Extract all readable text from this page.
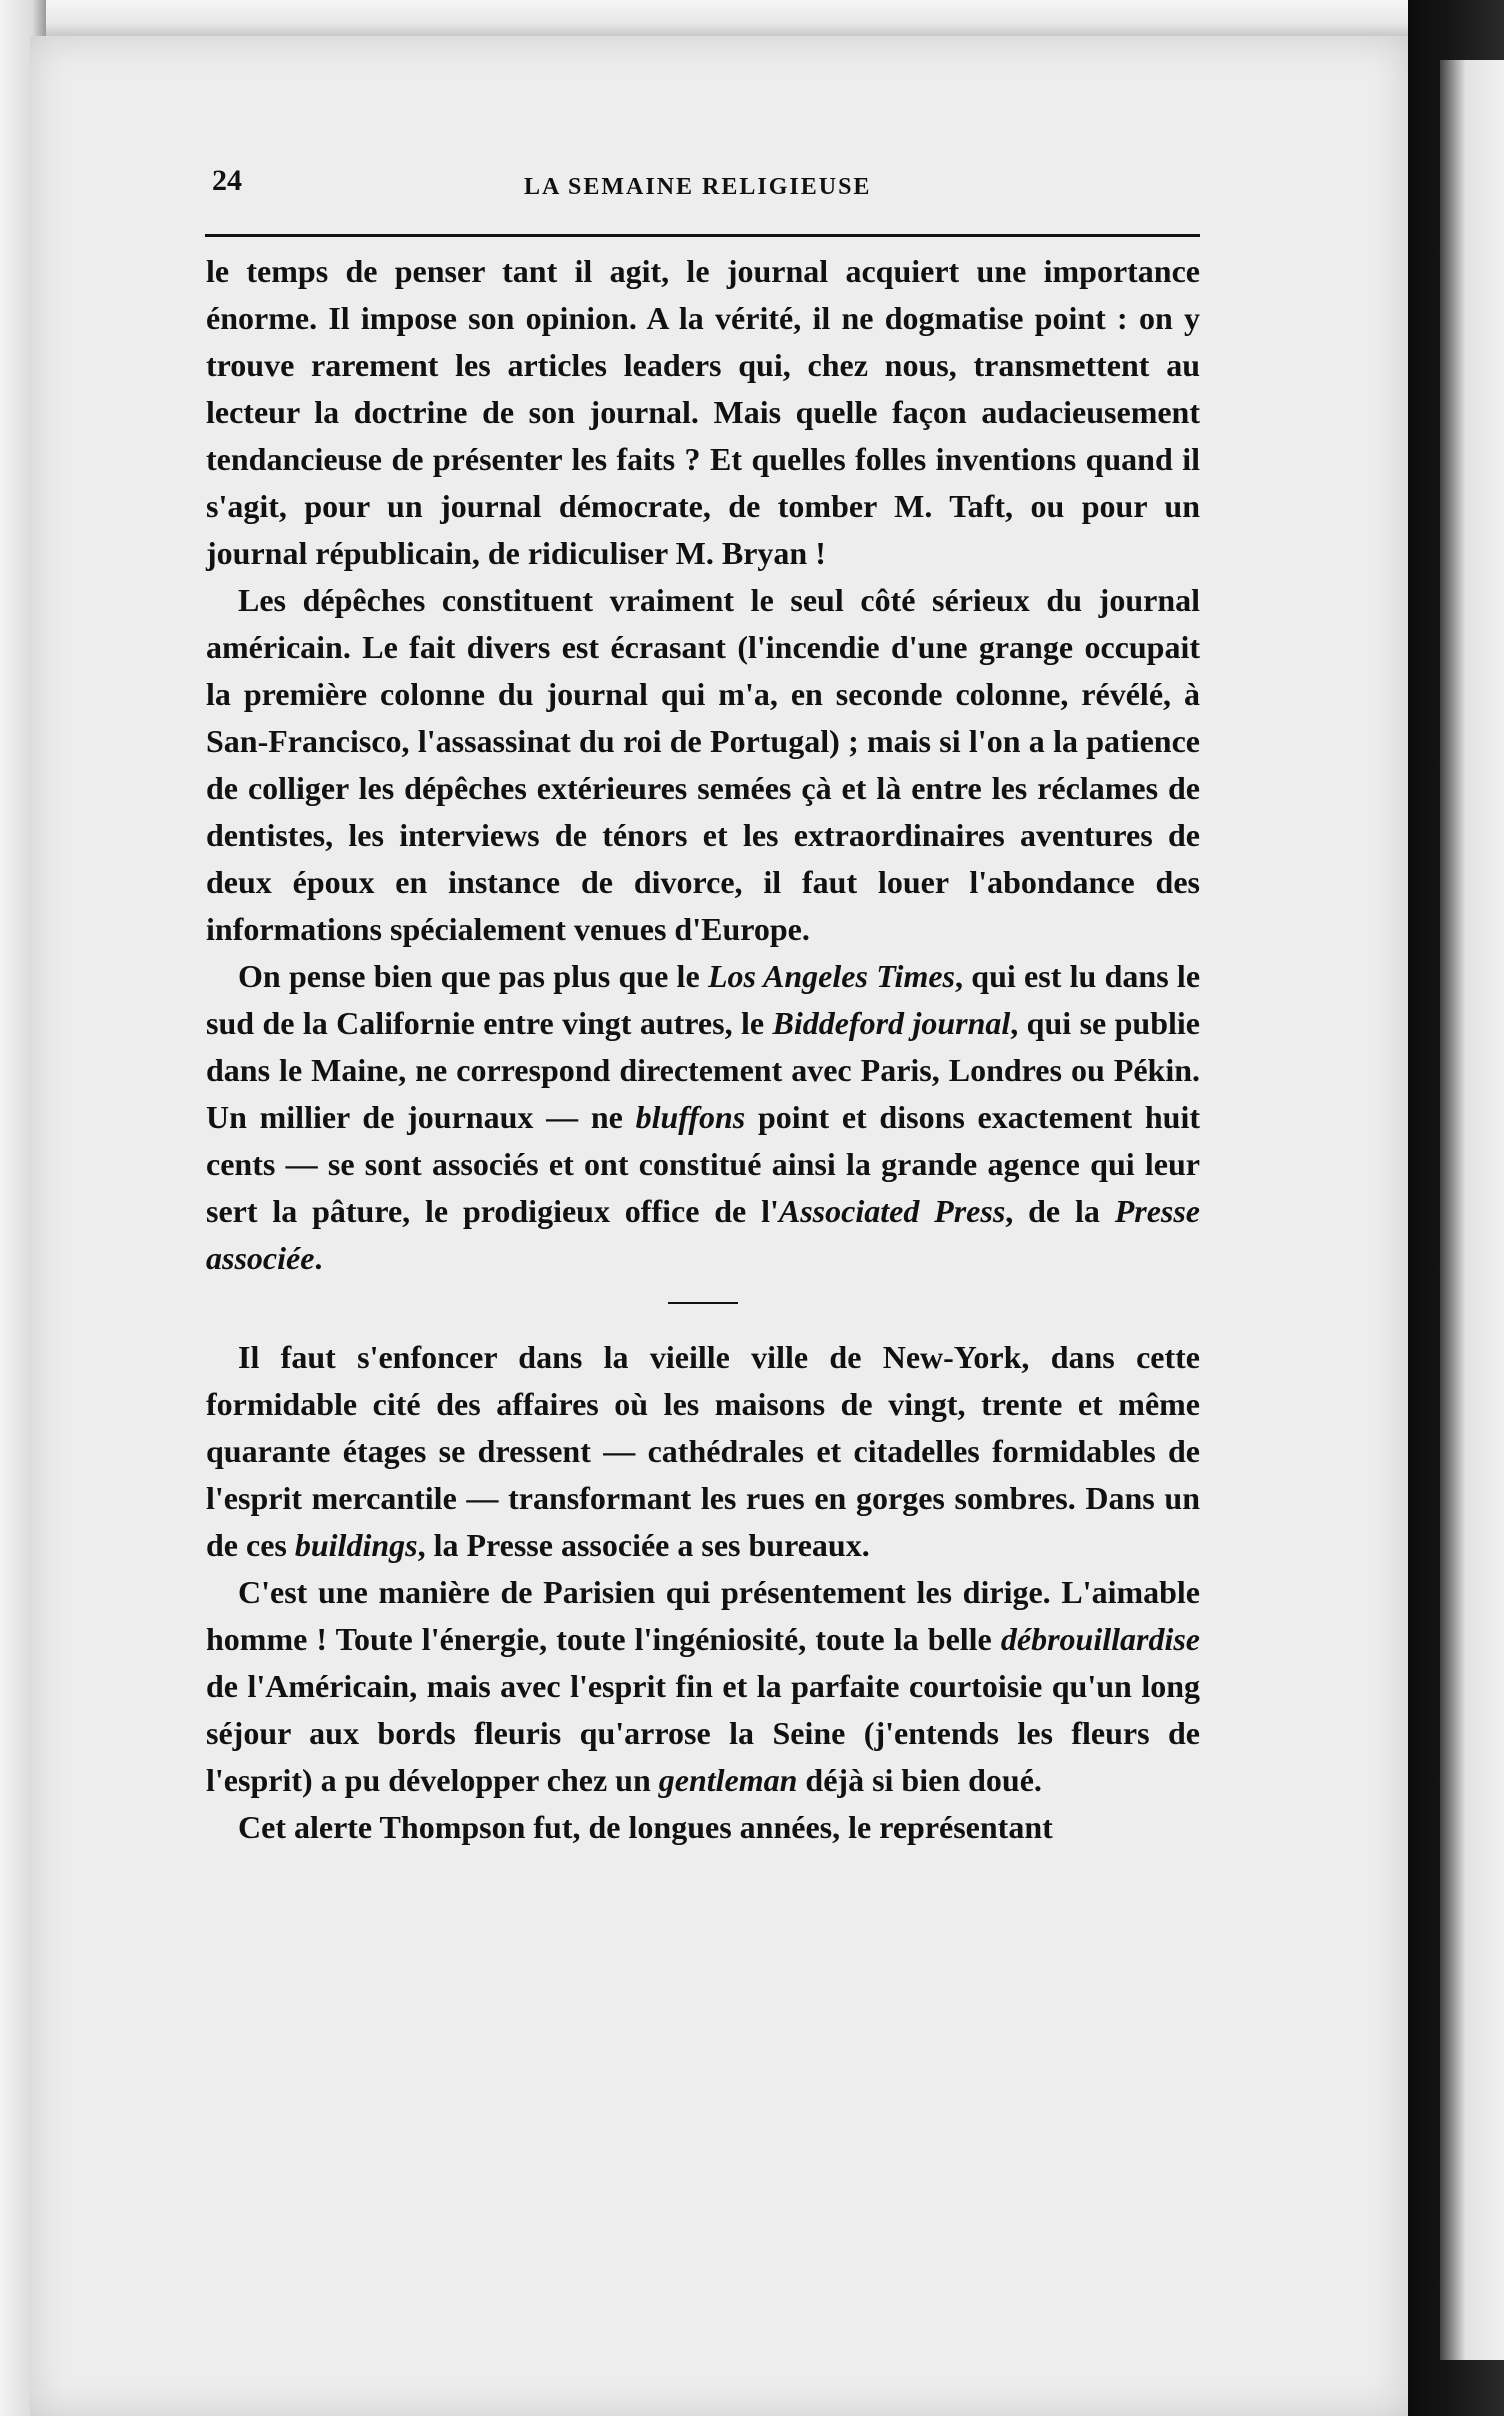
24	LA SEMAINE RELIGIEUSE

le temps de penser tant il agit, le journal acquiert une importance énorme. Il impose son opinion. A la vérité, il ne dogmatise point : on y trouve rarement les articles leaders qui, chez nous, transmettent au lecteur la doctrine de son journal. Mais quelle façon audacieusement tendancieuse de présenter les faits ? Et quelles folles inventions quand il s'agit, pour un journal démocrate, de tomber M. Taft, ou pour un journal républicain, de ridiculiser M. Bryan !

Les dépêches constituent vraiment le seul côté sérieux du journal américain. Le fait divers est écrasant (l'incendie d'une grange occupait la première colonne du journal qui m'a, en seconde colonne, révélé, à San-Francisco, l'assassinat du roi de Portugal) ; mais si l'on a la patience de colliger les dépêches extérieures semées çà et là entre les réclames de dentistes, les interviews de ténors et les extraordinaires aventures de deux époux en instance de divorce, il faut louer l'abondance des informations spécialement venues d'Europe.

On pense bien que pas plus que le Los Angeles Times, qui est lu dans le sud de la Californie entre vingt autres, le Biddeford journal, qui se publie dans le Maine, ne correspond directement avec Paris, Londres ou Pékin. Un millier de journaux — ne bluffons point et disons exactement huit cents — se sont associés et ont constitué ainsi la grande agence qui leur sert la pâture, le prodigieux office de l'Associated Press, de la Presse associée.

Il faut s'enfoncer dans la vieille ville de New-York, dans cette formidable cité des affaires où les maisons de vingt, trente et même quarante étages se dressent — cathédrales et citadelles formidables de l'esprit mercantile — transformant les rues en gorges sombres. Dans un de ces buildings, la Presse associée a ses bureaux.

C'est une manière de Parisien qui présentement les dirige. L'aimable homme ! Toute l'énergie, toute l'ingéniosité, toute la belle débrouillardise de l'Américain, mais avec l'esprit fin et la parfaite courtoisie qu'un long séjour aux bords fleuris qu'arrose la Seine (j'entends les fleurs de l'esprit) a pu développer chez un gentleman déjà si bien doué.

Cet alerte Thompson fut, de longues années, le représentant
